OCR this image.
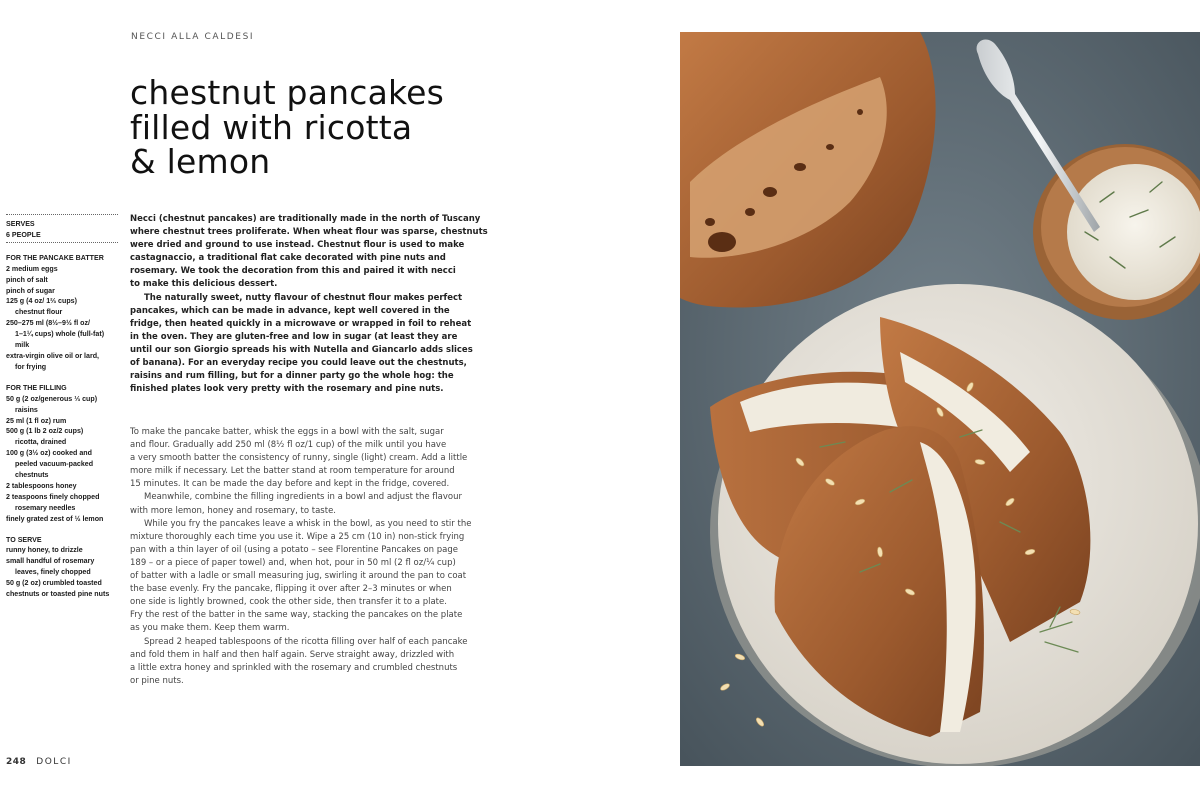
NECCI ALLA CALDESI
chestnut pancakes
filled with ricotta
& lemon
SERVES
6 PEOPLE
FOR THE PANCAKE BATTER
2 medium eggs
pinch of salt
pinch of sugar
125 g (4 oz/ 1⅔ cups)
chestnut flour
250–275 ml (8½–9½ fl oz/
1–1¼ cups) whole (full-fat)
milk
extra-virgin olive oil or lard,
for frying
FOR THE FILLING
50 g (2 oz/generous ⅓ cup)
raisins
25 ml (1 fl oz) rum
500 g (1 lb 2 oz/2 cups)
ricotta, drained
100 g (3½ oz) cooked and
peeled vacuum-packed
chestnuts
2 tablespoons honey
2 teaspoons finely chopped
rosemary needles
finely grated zest of ½ lemon
TO SERVE
runny honey, to drizzle
small handful of rosemary
leaves, finely chopped
50 g (2 oz) crumbled toasted
chestnuts or toasted pine nuts
Necci (chestnut pancakes) are traditionally made in the north of Tuscany
where chestnut trees proliferate. When wheat flour was sparse, chestnuts
were dried and ground to use instead. Chestnut flour is used to make
castagnaccio, a traditional flat cake decorated with pine nuts and
rosemary. We took the decoration from this and paired it with necci
to make this delicious dessert.
The naturally sweet, nutty flavour of chestnut flour makes perfect
pancakes, which can be made in advance, kept well covered in the
fridge, then heated quickly in a microwave or wrapped in foil to reheat
in the oven. They are gluten-free and low in sugar (at least they are
until our son Giorgio spreads his with Nutella and Giancarlo adds slices
of banana). For an everyday recipe you could leave out the chestnuts,
raisins and rum filling, but for a dinner party go the whole hog: the
finished plates look very pretty with the rosemary and pine nuts.
To make the pancake batter, whisk the eggs in a bowl with the salt, sugar
and flour. Gradually add 250 ml (8½ fl oz/1 cup) of the milk until you have
a very smooth batter the consistency of runny, single (light) cream. Add a little
more milk if necessary. Let the batter stand at room temperature for around
15 minutes. It can be made the day before and kept in the fridge, covered.
Meanwhile, combine the filling ingredients in a bowl and adjust the flavour
with more lemon, honey and rosemary, to taste.
While you fry the pancakes leave a whisk in the bowl, as you need to stir the
mixture thoroughly each time you use it. Wipe a 25 cm (10 in) non-stick frying
pan with a thin layer of oil (using a potato – see Florentine Pancakes on page
189 – or a piece of paper towel) and, when hot, pour in 50 ml (2 fl oz/¼ cup)
of batter with a ladle or small measuring jug, swirling it around the pan to coat
the base evenly. Fry the pancake, flipping it over after 2–3 minutes or when
one side is lightly browned, cook the other side, then transfer it to a plate.
Fry the rest of the batter in the same way, stacking the pancakes on the plate
as you make them. Keep them warm.
Spread 2 heaped tablespoons of the ricotta filling over half of each pancake
and fold them in half and then half again. Serve straight away, drizzled with
a little extra honey and sprinkled with the rosemary and crumbled chestnuts
or pine nuts.
248 DOLCI
